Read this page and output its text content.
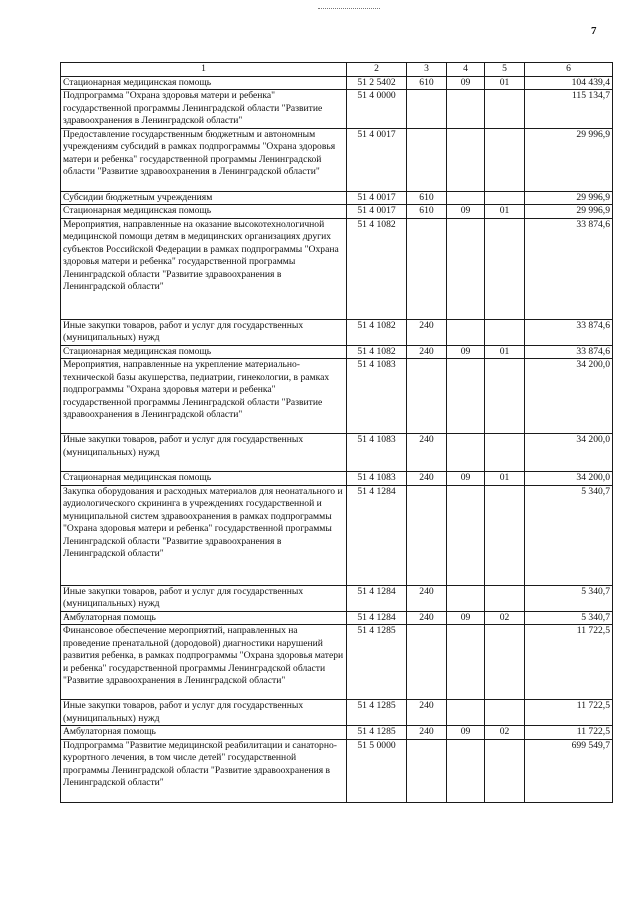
7
1	2	3	4	5	6
Стационарная медицинская помощь	51 2 5402	610	09	01	104 439,4
Подпрограмма "Охрана здоровья матери и ребенка" государственной программы Ленинградской области "Развитие здравоохранения в Ленинградской области"	51 4 0000				115 134,7
Предоставление государственным бюджетным и автономным учреждениям субсидий в рамках подпрограммы "Охрана здоровья матери и ребенка" государственной программы Ленинградской области "Развитие здравоохранения в Ленинградской области"	51 4 0017				29 996,9
Субсидии бюджетным учреждениям	51 4 0017	610			29 996,9
Стационарная медицинская помощь	51 4 0017	610	09	01	29 996,9
Мероприятия, направленные на оказание высокотехнологичной медицинской помощи детям в медицинских организациях других субъектов Российской Федерации в рамках подпрограммы "Охрана здоровья матери и ребенка" государственной программы Ленинградской области "Развитие здравоохранения в Ленинградской области"	51 4 1082				33 874,6
Иные закупки товаров, работ и услуг для государственных (муниципальных) нужд	51 4 1082	240			33 874,6
Стационарная медицинская помощь	51 4 1082	240	09	01	33 874,6
Мероприятия, направленные на укрепление материально-технической базы акушерства, педиатрии, гинекологии, в рамках подпрограммы "Охрана здоровья матери и ребенка" государственной программы Ленинградской области "Развитие здравоохранения в Ленинградской области"	51 4 1083				34 200,0
Иные закупки товаров, работ и услуг для государственных (муниципальных) нужд	51 4 1083	240			34 200,0
Стационарная медицинская помощь	51 4 1083	240	09	01	34 200,0
Закупка оборудования и расходных материалов для неонатального и аудиологического скрининга в учреждениях государственной и муниципальной систем здравоохранения в рамках подпрограммы "Охрана здоровья матери и ребенка" государственной программы Ленинградской области "Развитие здравоохранения в Ленинградской области"	51 4 1284				5 340,7
Иные закупки товаров, работ и услуг для государственных (муниципальных) нужд	51 4 1284	240			5 340,7
Амбулаторная помощь	51 4 1284	240	09	02	5 340,7
Финансовое обеспечение мероприятий, направленных на проведение пренатальной (дородовой) диагностики нарушений развития ребенка, в рамках подпрограммы "Охрана здоровья матери и ребенка" государственной программы Ленинградской области "Развитие здравоохранения в Ленинградской области"	51 4 1285				11 722,5
Иные закупки товаров, работ и услуг для государственных (муниципальных) нужд	51 4 1285	240			11 722,5
Амбулаторная помощь	51 4 1285	240	09	02	11 722,5
Подпрограмма "Развитие медицинской реабилитации и санаторно-курортного лечения, в том числе детей" государственной программы Ленинградской области "Развитие здравоохранения в Ленинградской области"	51 5 0000				699 549,7
